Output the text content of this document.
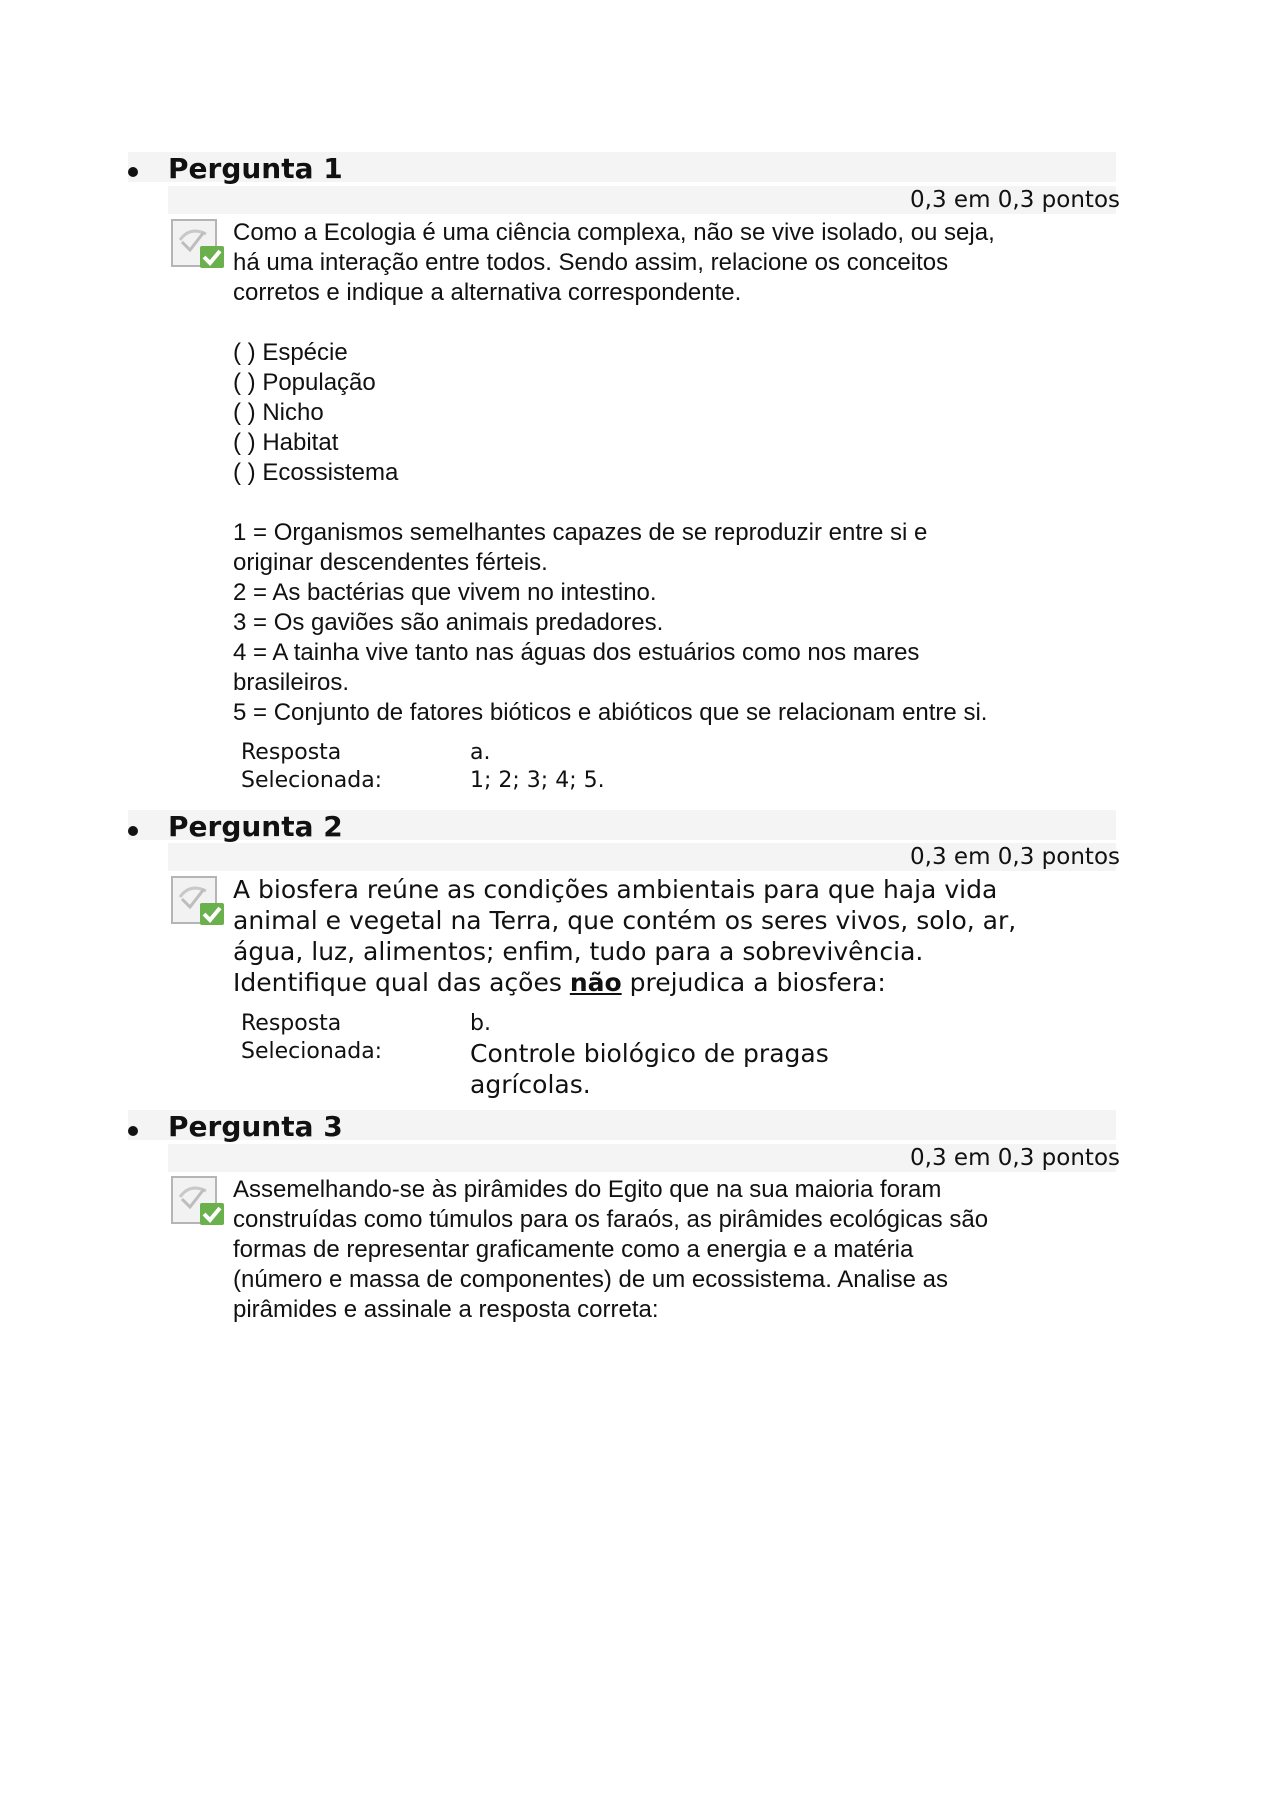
Pergunta 1
0,3 em 0,3 pontos

Como a Ecologia é uma ciência complexa, não se vive isolado, ou seja,

há uma interação entre todos. Sendo assim, relacione os conceitos

corretos e indique a alternativa correspondente.

( ) Espécie

( ) População

( ) Nicho

( ) Habitat

( ) Ecossistema

1 = Organismos semelhantes capazes de se reproduzir entre si e

originar descendentes férteis.

2 = As bactérias que vivem no intestino.

3 = Os gaviões são animais predadores.

4 = A tainha vive tanto nas águas dos estuários como nos mares

brasileiros.

5 = Conjunto de fatores bióticos e abióticos que se relacionam entre si.

Resposta
Selecionada:
a.
1; 2; 3; 4; 5.
Pergunta 2
0,3 em 0,3 pontos

A biosfera reúne as condições ambientais para que haja vida

animal e vegetal na Terra, que contém os seres vivos, solo, ar,

água, luz, alimentos; enfim, tudo para a sobrevivência.

Identifique qual das ações não prejudica a biosfera:

Resposta
Selecionada:
b.
Controle biológico de pragas
agrícolas.
Pergunta 3
0,3 em 0,3 pontos

Assemelhando-se às pirâmides do Egito que na sua maioria foram

construídas como túmulos para os faraós, as pirâmides ecológicas são

formas de representar graficamente como a energia e a matéria

(número e massa de componentes) de um ecossistema. Analise as

pirâmides e assinale a resposta correta:
